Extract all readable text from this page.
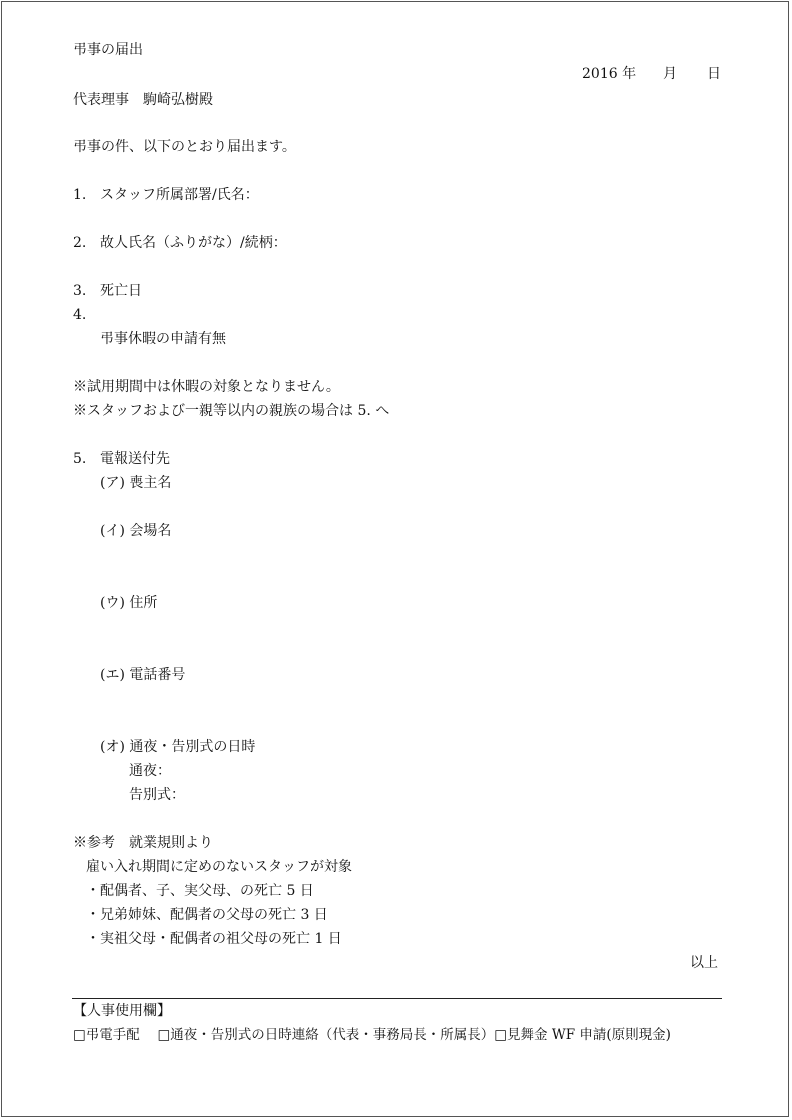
弔事の届出
2016 年 月 日
代表理事　駒崎弘樹殿
弔事の件、以下のとおり届出ます。
1. スタッフ所属部署/氏名：
2. 故人氏名（ふりがな）/続柄：
3. 死亡日
4.
弔事休暇の申請有無
※試用期間中は休暇の対象となりません。
※スタッフおよび一親等以内の親族の場合は 5. へ
5. 電報送付先
(ア) 喪主名
(イ) 会場名
(ウ) 住所
(エ) 電話番号
(オ) 通夜・告別式の日時
通夜：
告別式：
※参考　就業規則より
雇い入れ期間に定めのないスタッフが対象
・配偶者、子、実父母、の死亡 5 日
・兄弟姉妹、配偶者の父母の死亡 3 日
・実祖父母・配偶者の祖父母の死亡 1 日
以上
【人事使用欄】
□弔電手配　 □通夜・告別式の日時連絡（代表・事務局長・所属長）□見舞金 WF 申請(原則現金)
